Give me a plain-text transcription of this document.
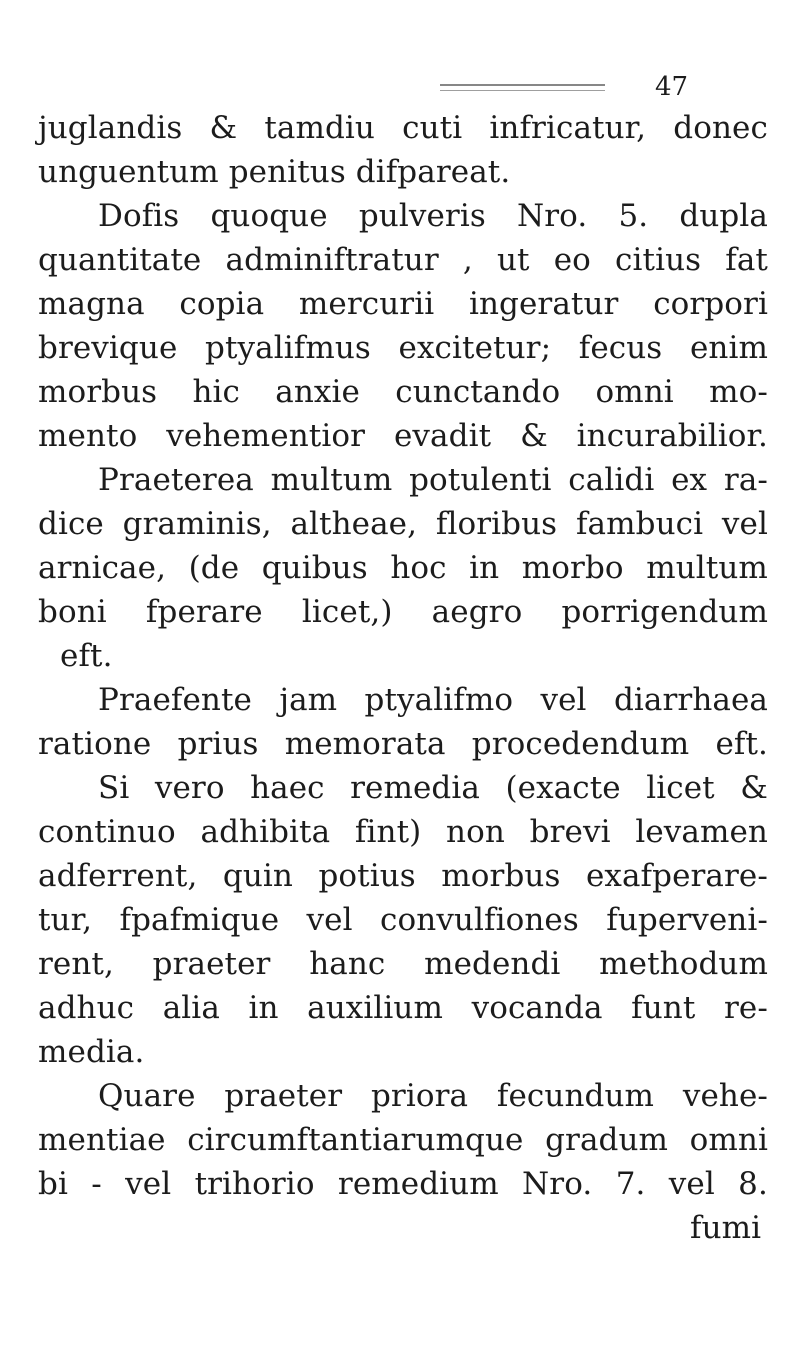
47
juglandis & tamdiu cuti infricatur, donec
unguentum penitus difpareat.
Dofis quoque pulveris Nro. 5. dupla
quantitate adminiftratur , ut eo citius fat
magna copia mercurii ingeratur corpori
brevique ptyalifmus excitetur; fecus enim
morbus hic anxie cunctando omni mo-
mento vehementior evadit & incurabilior.
Praeterea multum potulenti calidi ex ra-
dice graminis, altheae, floribus fambuci vel
arnicae, (de quibus hoc in morbo multum
boni fperare licet,) aegro porrigendum
eft.
Praefente jam ptyalifmo vel diarrhaea
ratione prius memorata procedendum eft.
Si vero haec remedia (exacte licet &
continuo adhibita fint) non brevi levamen
adferrent, quin potius morbus exafperare-
tur, fpafmique vel convulfiones fuperveni-
rent, praeter hanc medendi methodum
adhuc alia in auxilium vocanda funt re-
media.
Quare praeter priora fecundum vehe-
mentiae circumftantiarumque gradum omni
bi - vel trihorio remedium Nro. 7. vel 8.
fumi
